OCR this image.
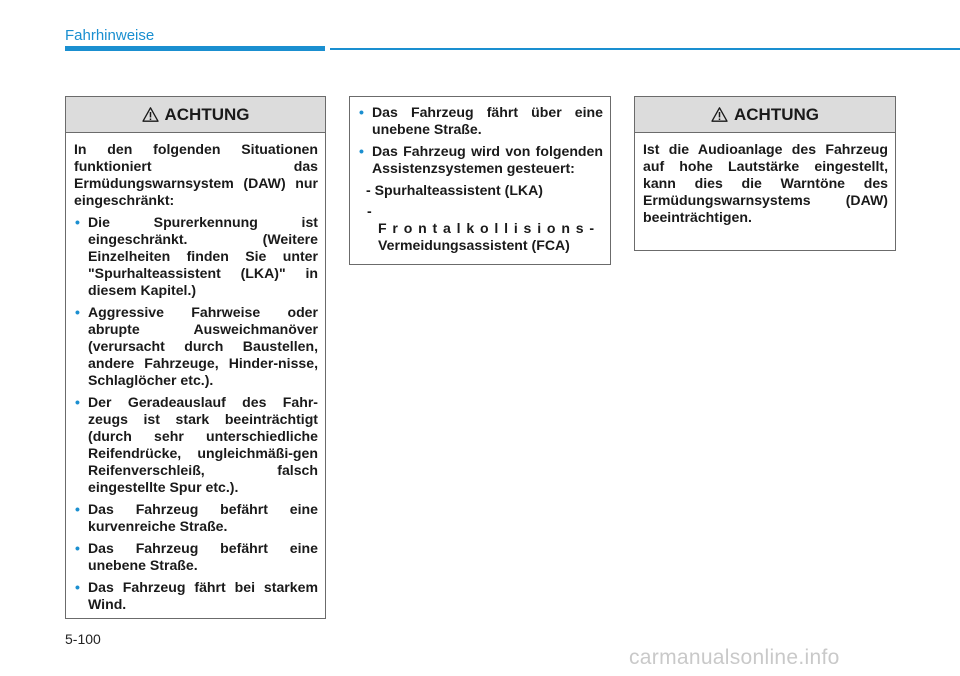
Fahrhinweise
ACHTUNG

In den folgenden Situationen funktioniert das Ermüdungswarnsystem (DAW) nur eingeschränkt:

• Die Spurerkennung ist eingeschränkt. (Weitere Einzelheiten finden Sie unter "Spurhalteassistent (LKA)" in diesem Kapitel.)
• Aggressive Fahrweise oder abrupte Ausweichmanöver (verursacht durch Baustellen, andere Fahrzeuge, Hinder-nisse, Schlaglöcher etc.).
• Der Geradeauslauf des Fahr-zeugs ist stark beeinträchtigt (durch sehr unterschiedliche Reifendrücke, ungleichmäßi-gen Reifenverschleiß, falsch eingestellte Spur etc.).
• Das Fahrzeug befährt eine kurvenreiche Straße.
• Das Fahrzeug befährt eine unebene Straße.
• Das Fahrzeug fährt bei starkem Wind.
• Das Fahrzeug fährt über eine unebene Straße.
• Das Fahrzeug wird von folgenden Assistenzsystemen gesteuert:
- Spurhalteassistent (LKA)
- Frontalkollisions-
Vermeidungsassistent (FCA)
ACHTUNG

Ist die Audioanlage des Fahrzeug auf hohe Lautstärke eingestellt, kann dies die Warntöne des Ermüdungswarnsystems (DAW) beeinträchtigen.

5-100
carmanualsonline.info
